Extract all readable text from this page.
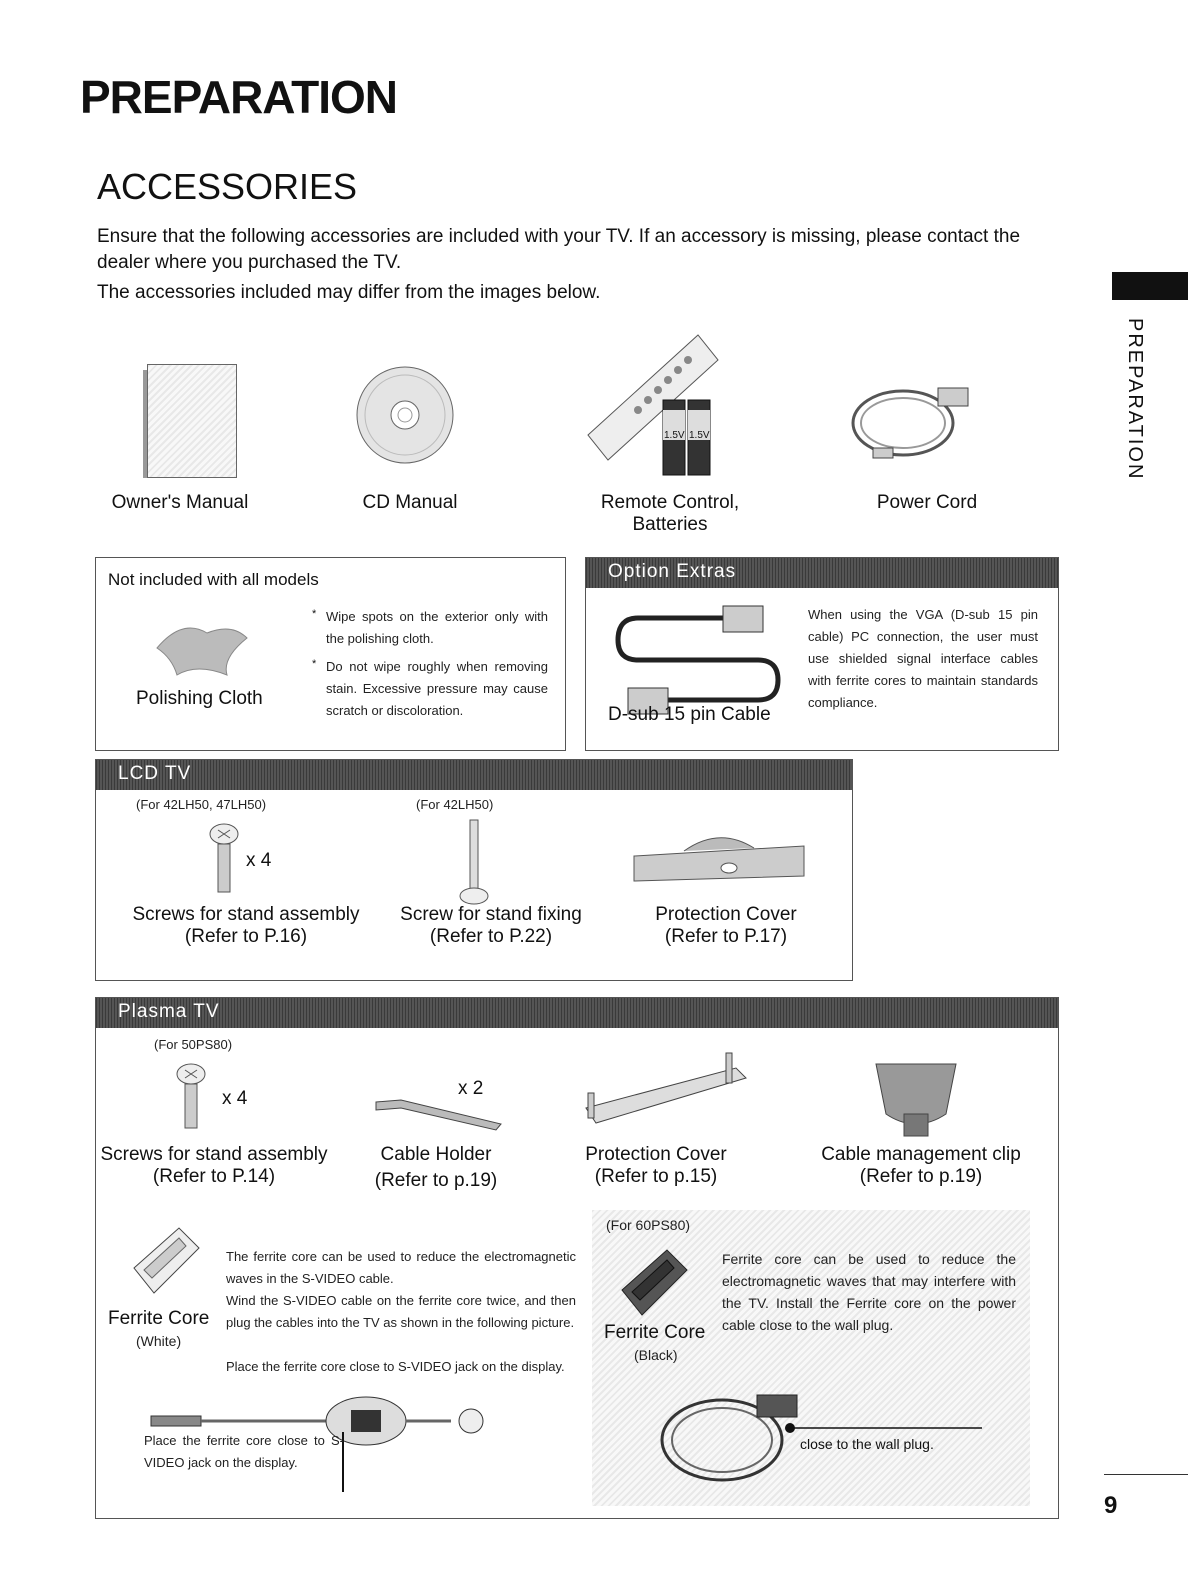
PREPARATION
ACCESSORIES
Ensure that the following accessories are included with your TV. If an accessory is missing, please contact the dealer where you purchased the TV.
The accessories included may differ from the images below.
PREPARATION
9
1.5V 1.5V
Owner's Manual	CD Manual	Remote Control,
Batteries
Power Cord
Not included with all models
Polishing Cloth
* Wipe spots on the exterior only with the polishing cloth.
* Do not wipe roughly when removing stain. Excessive pressure may cause scratch or discoloration.
Option Extras
D-sub 15 pin Cable
When using the VGA (D-sub 15 pin cable) PC connection, the user must use shielded signal interface cables with ferrite cores to maintain standards compliance.
LCD TV
(For 42LH50, 47LH50)	(For 42LH50)
x 4
Screws for stand assembly
(Refer to P.16)
Screw for stand fixing
(Refer to P.22)
Protection Cover
(Refer to P.17)
Plasma TV
(For 50PS80)
x 4	x 2
Screws for stand assembly
(Refer to P.14)
Cable Holder
(Refer to p.19)
Protection Cover
(Refer to p.15)
Cable management clip
(Refer to p.19)
Ferrite Core
(White)
The ferrite core can be used to reduce the electromagnetic waves in the S-VIDEO cable.
Wind the S-VIDEO cable on the ferrite core twice, and then plug the cables into the TV as shown in the following picture.
Place the ferrite core close to S-VIDEO jack on the display.
Place the ferrite core close to S-VIDEO jack on the display.
(For 60PS80)
Ferrite Core
(Black)
Ferrite core can be used to reduce the electromagnetic waves that may interfere with the TV. Install the Ferrite core on the power cable close to the wall plug.
close to the wall plug.
